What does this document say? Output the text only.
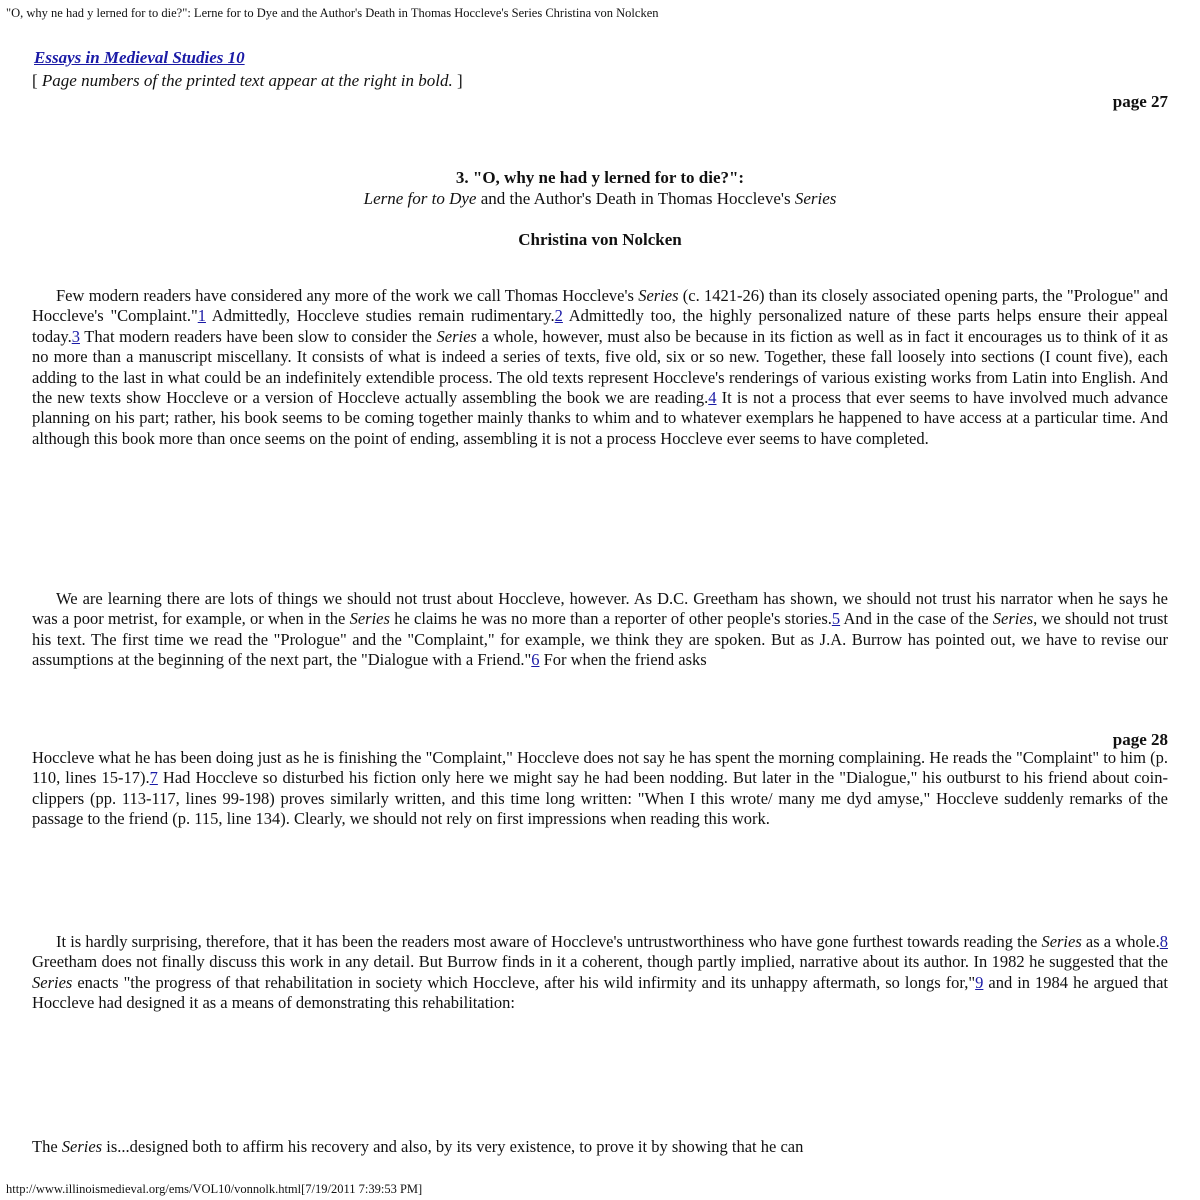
"O, why ne had y lerned for to die?": Lerne for to Dye and the Author's Death in Thomas Hoccleve's Series Christina von Nolcken
Essays in Medieval Studies 10
[ Page numbers of the printed text appear at the right in bold. ]
page 27
3. "O, why ne had y lerned for to die?":
Lerne for to Dye and the Author's Death in Thomas Hoccleve's Series
Christina von Nolcken

Few modern readers have considered any more of the work we call Thomas Hoccleve's Series (c. 1421-26) than its closely associated opening parts, the "Prologue" and Hoccleve's "Complaint."1 Admittedly, Hoccleve studies remain rudimentary.2 Admittedly too, the highly personalized nature of these parts helps ensure their appeal today.3 That modern readers have been slow to consider the Series a whole, however, must also be because in its fiction as well as in fact it encourages us to think of it as no more than a manuscript miscellany. It consists of what is indeed a series of texts, five old, six or so new. Together, these fall loosely into sections (I count five), each adding to the last in what could be an indefinitely extendible process. The old texts represent Hoccleve's renderings of various existing works from Latin into English. And the new texts show Hoccleve or a version of Hoccleve actually assembling the book we are reading.4 It is not a process that ever seems to have involved much advance planning on his part; rather, his book seems to be coming together mainly thanks to whim and to whatever exemplars he happened to have access at a particular time. And although this book more than once seems on the point of ending, assembling it is not a process Hoccleve ever seems to have completed.

We are learning there are lots of things we should not trust about Hoccleve, however. As D.C. Greetham has shown, we should not trust his narrator when he says he was a poor metrist, for example, or when in the Series he claims he was no more than a reporter of other people's stories.5 And in the case of the Series, we should not trust his text. The first time we read the "Prologue" and the "Complaint," for example, we think they are spoken. But as J.A. Burrow has pointed out, we have to revise our assumptions at the beginning of the next part, the "Dialogue with a Friend."6 For when the friend asks

page 28

Hoccleve what he has been doing just as he is finishing the "Complaint," Hoccleve does not say he has spent the morning complaining. He reads the "Complaint" to him (p. 110, lines 15-17).7 Had Hoccleve so disturbed his fiction only here we might say he had been nodding. But later in the "Dialogue," his outburst to his friend about coin-clippers (pp. 113-117, lines 99-198) proves similarly written, and this time long written: "When I this wrote/ many me dyd amyse," Hoccleve suddenly remarks of the passage to the friend (p. 115, line 134). Clearly, we should not rely on first impressions when reading this work.

It is hardly surprising, therefore, that it has been the readers most aware of Hoccleve's untrustworthiness who have gone furthest towards reading the Series as a whole.8 Greetham does not finally discuss this work in any detail. But Burrow finds in it a coherent, though partly implied, narrative about its author. In 1982 he suggested that the Series enacts "the progress of that rehabilitation in society which Hoccleve, after his wild infirmity and its unhappy aftermath, so longs for,"9 and in 1984 he argued that Hoccleve had designed it as a means of demonstrating this rehabilitation:

The Series is...designed both to affirm his recovery and also, by its very existence, to prove it by showing that he can

http://www.illinoismedieval.org/ems/VOL10/vonnolk.html[7/19/2011 7:39:53 PM]
